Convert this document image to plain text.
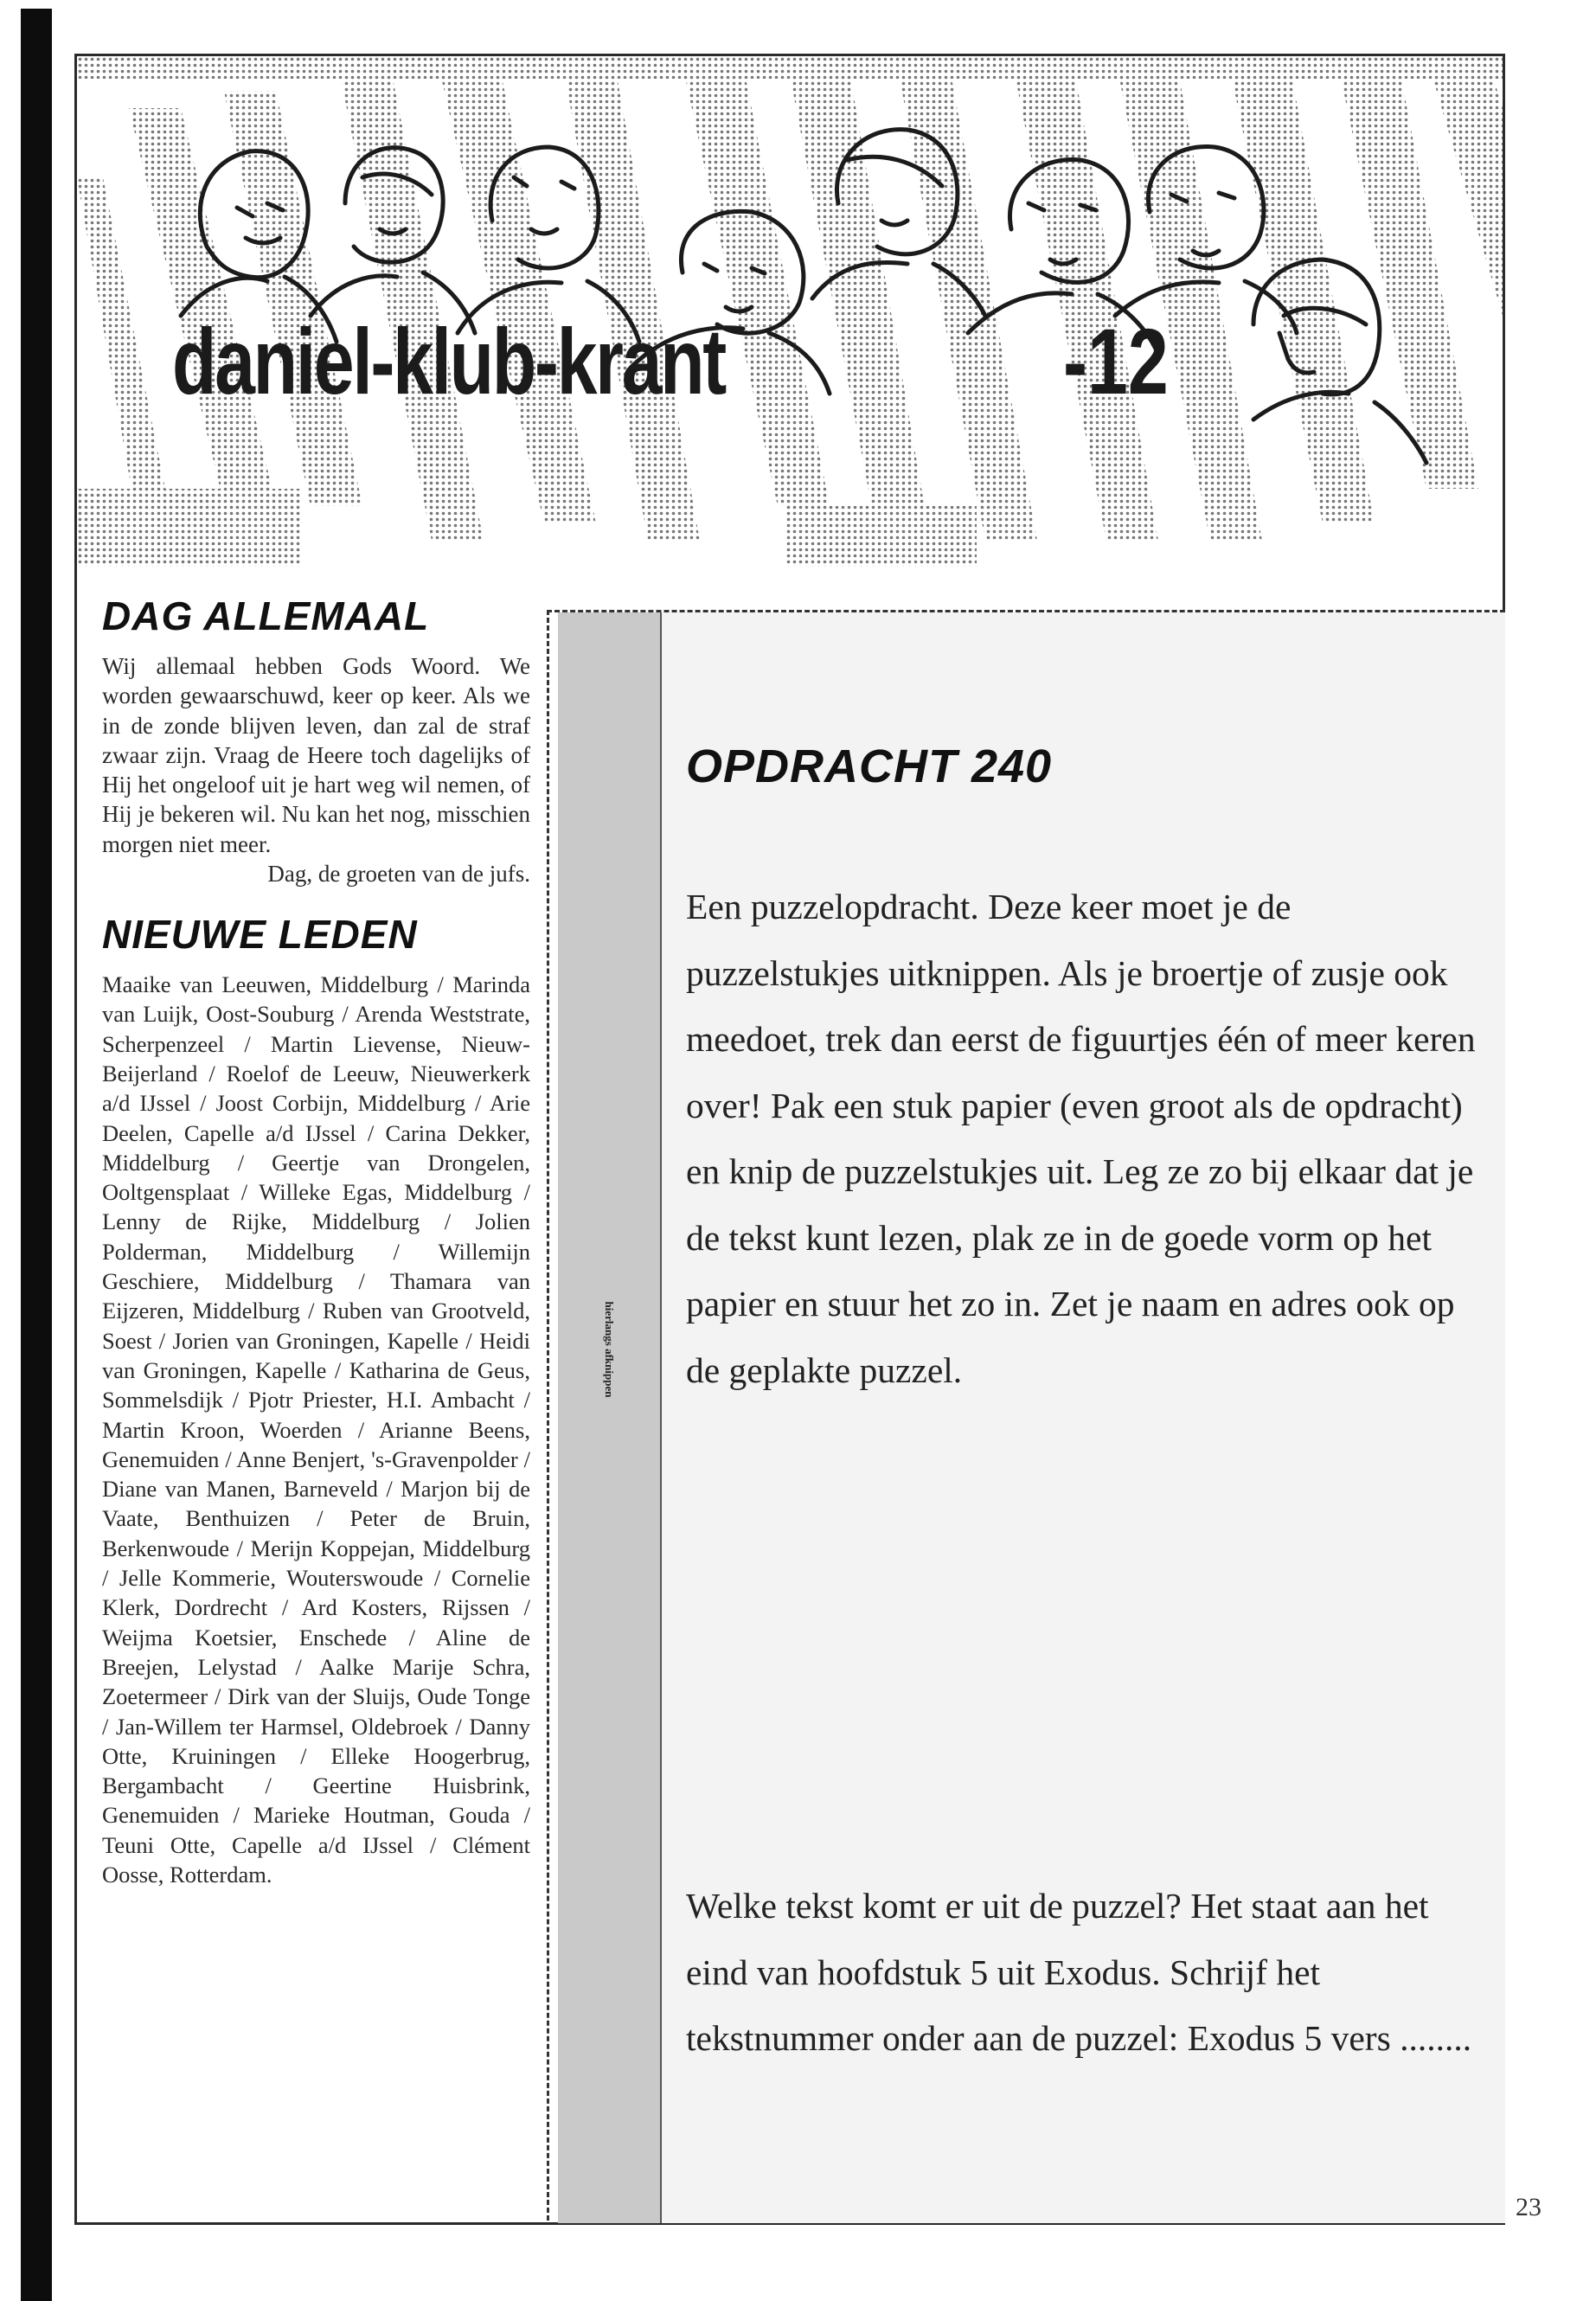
daniel-klub-krant	-12
DAG ALLEMAAL

Wij allemaal hebben Gods Woord. We worden gewaarschuwd, keer op keer. Als we in de zonde blijven leven, dan zal de straf zwaar zijn. Vraag de Heere toch dagelijks of Hij het ongeloof uit je hart weg wil nemen, of Hij je bekeren wil. Nu kan het nog, misschien morgen niet meer.

Dag, de groeten van de jufs.

NIEUWE LEDEN

Maaike van Leeuwen, Middelburg / Marinda van Luijk, Oost-Souburg / Arenda Weststrate, Scherpenzeel / Martin Lievense, Nieuw-Beijerland / Roelof de Leeuw, Nieuwerkerk a/d IJssel / Joost Corbijn, Middelburg / Arie Deelen, Capelle a/d IJssel / Carina Dekker, Middelburg / Geertje van Drongelen, Ooltgensplaat / Willeke Egas, Middelburg / Lenny de Rijke, Middelburg / Jolien Polderman, Middelburg / Willemijn Geschiere, Middelburg / Thamara van Eijzeren, Middelburg / Ruben van Grootveld, Soest / Jorien van Groningen, Kapelle / Heidi van Groningen, Kapelle / Katharina de Geus, Sommelsdijk / Pjotr Priester, H.I. Ambacht / Martin Kroon, Woerden / Arianne Beens, Genemuiden / Anne Benjert, 's-Gravenpolder / Diane van Manen, Barneveld / Marjon bij de Vaate, Benthuizen / Peter de Bruin, Berkenwoude / Merijn Koppejan, Middelburg / Jelle Kommerie, Wouterswoude / Cornelie Klerk, Dordrecht / Ard Kosters, Rijssen / Weijma Koetsier, Enschede / Aline de Breejen, Lelystad / Aalke Marije Schra, Zoetermeer / Dirk van der Sluijs, Oude Tonge / Jan-Willem ter Harmsel, Oldebroek / Danny Otte, Kruiningen / Elleke Hoogerbrug, Bergambacht / Geertine Huisbrink, Genemuiden / Marieke Houtman, Gouda / Teuni Otte, Capelle a/d IJssel / Clément Oosse, Rotterdam.

hierlangs afknippen
OPDRACHT 240

Een puzzelopdracht. Deze keer moet je de puzzelstukjes uitknippen. Als je broertje of zusje ook meedoet, trek dan eerst de figuurtjes één of meer keren over! Pak een stuk papier (even groot als de opdracht) en knip de puzzelstukjes uit. Leg ze zo bij elkaar dat je de tekst kunt lezen, plak ze in de goede vorm op het papier en stuur het zo in. Zet je naam en adres ook op de geplakte puzzel.

Welke tekst komt er uit de puzzel? Het staat aan het eind van hoofdstuk 5 uit Exodus. Schrijf het tekstnummer onder aan de puzzel: Exodus 5 vers ........

23
